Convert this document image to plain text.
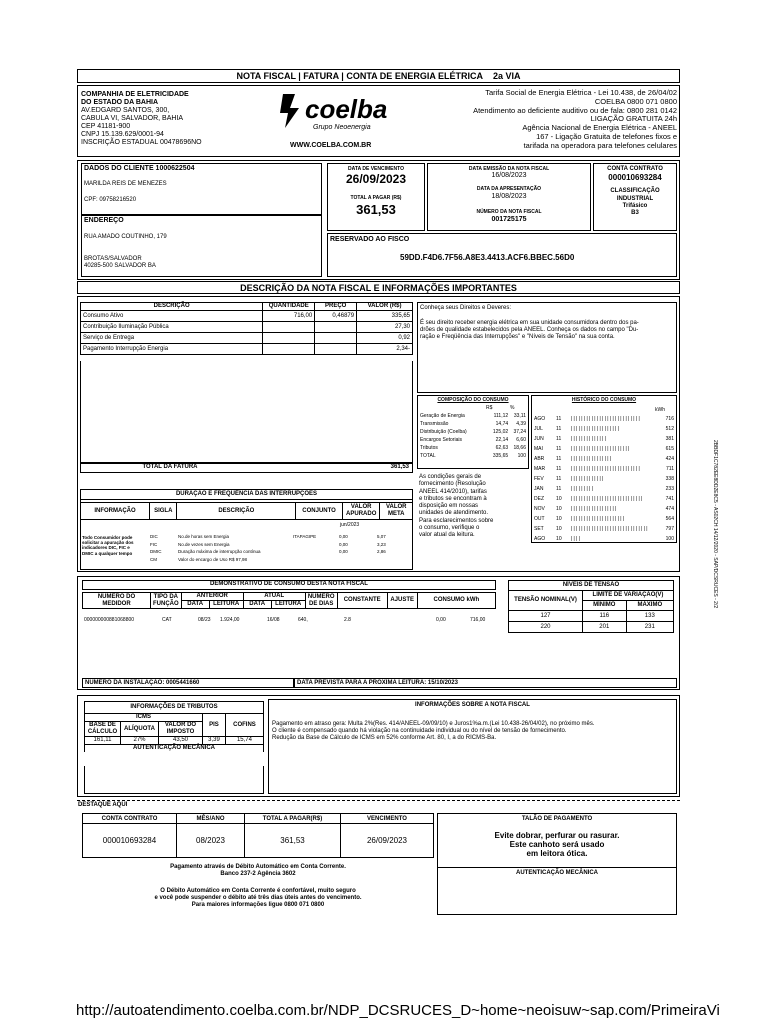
NOTA FISCAL | FATURA | CONTA DE ENERGIA ELÉTRICA 2a VIA
COMPANHIA DE ELETRICIDADE
DO ESTADO DA BAHIA
AV.EDGARD SANTOS, 300,
CABULA VI, SALVADOR, BAHIA
CEP 41181-900
CNPJ 15.139.629/0001-94
INSCRIÇÃO ESTADUAL 00478696NO
coelba
Grupo Neoenergia
WWW.COELBA.COM.BR
Tarifa Social de Energia Elétrica - Lei 10.438, de 26/04/02
COELBA 0800 071 0800
Atendimento ao deficiente auditivo ou de fala: 0800 281 0142
LIGAÇÃO GRATUITA 24h
Agência Nacional de Energia Elétrica - ANEEL
167 - Ligação Gratuita de telefones fixos e
tarifada na operadora para telefones celulares
DADOS DO CLIENTE 1000622504
MARILDA REIS DE MENEZES
CPF: 09758216520
ENDEREÇO
RUA AMADO COUTINHO, 179
BROTAS/SALVADOR
40285-500 SALVADOR BA
DATA DE VENCIMENTO
26/09/2023
TOTAL A PAGAR (R$)
361,53
DATA EMISSÃO DA NOTA FISCAL
16/08/2023
DATA DA APRESENTAÇÃO
18/08/2023
NÚMERO DA NOTA FISCAL
001725175
CONTA CONTRATO
000010693284
CLASSIFICAÇÃO
INDUSTRIAL
Trifásico
B3
RESERVADO AO FISCO
59DD.F4D6.7F56.A8E3.4413.ACF6.BBEC.56D0
DESCRIÇÃO DA NOTA FISCAL E INFORMAÇÕES IMPORTANTES
DESCRIÇÃO	QUANTIDADE	PREÇO	VALOR (R$)
Consumo Ativo	716,00	0,46879	335,65
Contribuição Iluminação Pública			27,30
Serviço de Entrega			0,92
Pagamento Interrupção Energia			2,34-
TOTAL DA FATURA	361,53
Conheça seus Direitos e Deveres:
É seu direito receber energia elétrica em sua unidade consumidora dentro dos pa-
drões de qualidade estabelecidos pela ANEEL. Conheça os dados no campo "Du-
ração e Freqüência das Interrupções" e "Níveis de Tensão" na sua conta.
COMPOSIÇÃO DO CONSUMO
R$	%
Geração de Energia	111,12	33,11
Transmissão	14,74	4,39
Distribuição (Coelba)	125,02	37,24
Encargos Setoriais	22,14	6,60
Tributos	62,63	18,66
TOTAL	335,65	100
As condições gerais de
fornecimento (Resolução
ANEEL 414/2010), tarifas
e tributos se encontram à
disposição em nossas
unidades de atendimento.
Para esclarecimentos sobre
o consumo, verifique o
valor atual da leitura.
HISTÓRICO DO CONSUMO
kWh
AGO	11	|||||||||||||||||||||||||||	716
JUL	11	|||||||||||||||||||	512
JUN	11	||||||||||||||	381
MAI	11	|||||||||||||||||||||||	615
ABR	11	||||||||||||||||	424
MAR	11	|||||||||||||||||||||||||||	711
FEV	11	|||||||||||||	338
JAN	11	|||||||||	233
DEZ	10	||||||||||||||||||||||||||||	741
NOV	10	||||||||||||||||||	474
OUT	10	|||||||||||||||||||||	564
SET	10	||||||||||||||||||||||||||||||	797
AGO	10	||||	100
DURAÇÃO E FREQUÊNCIA DAS INTERRUPÇÕES
INFORMAÇÃO	SIGLA	DESCRIÇÃO	CONJUNTO	VALOR APURADO	VALOR META
jun/2023
Todo Consumidor pode
solicitar a apuração dos
indicadores DIC, FIC e
DMIC a qualquer tempo
DIC	No.de horas sem Energia	ITAPAGIPE	0,00	5,07
FIC	No.de vezes sem Energia		0,00	3,23
DMIC	Duração máxima de interrupção contínua		0,00	2,86
CM	Valor do encargo de Uso R$ 97,98			
DEMONSTRATIVO DE CONSUMO DESTA NOTA FISCAL
NÚMERO DO MEDIDOR	TIPO DA FUNÇÃO	ANTERIOR		ATUAL		NÚMERO DE DIAS	CONSTANTE	AJUSTE	CONSUMO kWh
		DATA	LEITURA	DATA	LEITURA				
000000000881068800	CAT	08/23 1.924,00	16/08	640,	2.8	0,00	716,00
NÍVEIS DE TENSÃO		
TENSÃO NOMINAL(V)	LIMITE DE VARIAÇÃO(V)	
	MÍNIMO	MÁXIMO
127	116	133
220	201	231
NÚMERO DA INSTALAÇÃO: 0005441660	DATA PREVISTA PARA A PRÓXIMA LEITURA: 15/10/2023
INFORMAÇÕES DE TRIBUTOS				
ICMS			PIS	COFINS
BASE DE CÁLCULO	ALÍQUOTA	VALOR DO IMPOSTO		
161,11	27%	43,50	3,39	15,74
AUTENTICAÇÃO MECÂNICA				
INFORMAÇÕES SOBRE A NOTA FISCAL
Pagamento em atraso gera: Multa 2%(Res. 414/ANEEL-09/09/10) e Juros1%a.m.(Lei 10.438-26/04/02), no próximo mês.
O cliente é compensado quando há violação na continuidade individual ou do nível de tensão de fornecimento.
Redução da Base de Cálculo de ICMS em 52% conforme Art. 80, I, a do RICMS-Ba.
DESTAQUE AQUI
CONTA CONTRATO	MÊS/ANO	TOTAL A PAGAR(R$)	VENCIMENTO
000010693284	08/2023	361,53	26/09/2023
TALÃO DE PAGAMENTO
Evite dobrar, perfurar ou rasurar.
Este canhoto será usado
em leitora ótica.
AUTENTICAÇÃO MECÂNICA
Pagamento através de Débito Automático em Conta Corrente.
Banco 237-2 Agência 3602
O Débito Automático em Conta Corrente é confortável, muito seguro
e você pode suspender o débito até três dias úteis antes do vencimento.
Para maiores informações ligue 0800 071 0800
2BBDF1C782EE8DD2E8C5 - AS02CH 14/12/2020 - SAP/DCSRUCES - 2/2
http://autoatendimento.coelba.com.br/NDP_DCSRUCES_D~home~neoisuw~sap.com/PrimeiraVi
